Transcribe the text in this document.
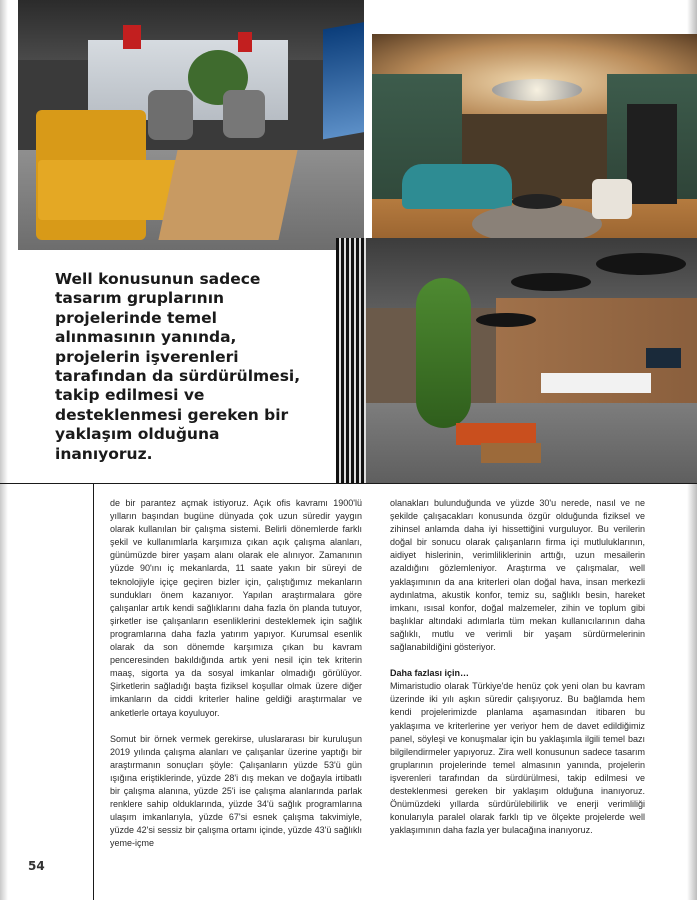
Well konusunun sadece tasarım gruplarının projelerinde temel alınmasının yanında, projelerin işverenleri tarafından da sürdürülmesi, takip edilmesi ve desteklenmesi gereken bir yaklaşım olduğuna inanıyoruz.

de bir parantez açmak istiyoruz. Açık ofis kavramı 1900'lü yılların başından bugüne dünyada çok uzun süredir yaygın olarak kullanılan bir çalışma sistemi. Belirli dönemlerde farklı şekil ve kullanımlarla karşımıza çıkan açık çalışma alanları, günümüzde birer yaşam alanı olarak ele alınıyor. Zamanının yüzde 90'ını iç mekanlarda, 11 saate yakın bir süreyi de teknolojiyle içiçe geçiren bizler için, çalıştığımız mekanların sundukları önem kazanıyor. Yapılan araştırmalara göre çalışanlar artık kendi sağlıklarını daha fazla ön planda tutuyor, şirketler ise çalışanların esenliklerini desteklemek için sağlık programlarına daha fazla yatırım yapıyor. Kurumsal esenlik olarak da son dönemde karşımıza çıkan bu kavram penceresinden bakıldığında artık yeni nesil için tek kriterin maaş, sigorta ya da sosyal imkanlar olmadığı görülüyor. Şirketlerin sağladığı başta fiziksel koşullar olmak üzere diğer imkanların da ciddi kriterler haline geldiği araştırmalar ve anketlerle ortaya koyuluyor.

Somut bir örnek vermek gerekirse, uluslararası bir kuruluşun 2019 yılında çalışma alanları ve çalışanlar üzerine yaptığı bir araştırmanın sonuçları şöyle: Çalışanların yüzde 53'ü gün ışığına eriştiklerinde, yüzde 28'i dış mekan ve doğayla irtibatlı bir çalışma alanına, yüzde 25'i ise çalışma alanlarında parlak renklere sahip olduklarında, yüzde 34'ü sağlık programlarına ulaşım imkanlarıyla, yüzde 67'si esnek çalışma takvimiyle, yüzde 42'si sessiz bir çalışma ortamı içinde, yüzde 43'ü sağlıklı yeme-içme

olanakları bulunduğunda ve yüzde 30'u nerede, nasıl ve ne şekilde çalışacakları konusunda özgür olduğunda fiziksel ve zihinsel anlamda daha iyi hissettiğini vurguluyor. Bu verilerin doğal bir sonucu olarak çalışanların firma içi mutluluklarının, aidiyet hislerinin, verimliliklerinin arttığı, uzun mesailerin azaldığını gözlemleniyor. Araştırma ve çalışmalar, well yaklaşımının da ana kriterleri olan doğal hava, insan merkezli aydınlatma, akustik konfor, temiz su, sağlıklı besin, hareket imkanı, ısısal konfor, doğal malzemeler, zihin ve toplum gibi başlıklar altındaki adımlarla tüm mekan kullanıcılarının daha sağlıklı, mutlu ve verimli bir yaşam sürdürmelerinin sağlanabildiğini gösteriyor.

Daha fazlası için…

Mimaristudio olarak Türkiye'de henüz çok yeni olan bu kavram üzerinde iki yılı aşkın süredir çalışıyoruz. Bu bağlamda hem kendi projelerimizde planlama aşamasından itibaren bu yaklaşıma ve kriterlerine yer veriyor hem de davet edildiğimiz panel, söyleşi ve konuşmalar için bu yaklaşımla ilgili temel bazı bilgilendirmeler yapıyoruz. Zira well konusunun sadece tasarım gruplarının projelerinde temel almasının yanında, projelerin işverenleri tarafından da sürdürülmesi, takip edilmesi ve desteklenmesi gereken bir yaklaşım olduğuna inanıyoruz. Önümüzdeki yıllarda sürdürülebilirlik ve enerji verimliliği konularıyla paralel olarak farklı tip ve ölçekte projelerde well yaklaşımının daha fazla yer bulacağına inanıyoruz.

54
